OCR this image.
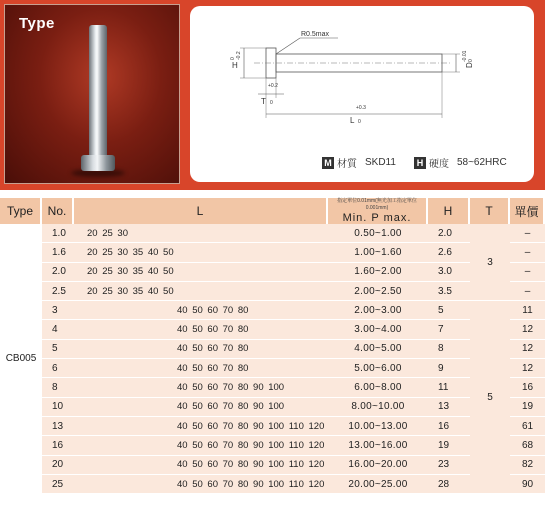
Type
R0.5max
H
0 -0.2
T
+0.2
0
L
+0.3
0
D
-0.01 0
M 材質 SKD11	H 硬度 58~62HRC
Type	No.	L	指定單位0.01mm(無光加工指定單位0.001mm)
Min. P max.	H	T	單價
CB005	1.0	20 25 30	0.50~1.00	2.0	3	–
	1.6	20 25 30 35 40 50	1.00~1.60	2.6		–
	2.0	20 25 30 35 40 50	1.60~2.00	3.0		–
	2.5	20 25 30 35 40 50	2.00~2.50	3.5		–
	3	40 50 60 70 80	2.00~3.00	5	5	11
	4	40 50 60 70 80	3.00~4.00	7		12
	5	40 50 60 70 80	4.00~5.00	8		12
	6	40 50 60 70 80	5.00~6.00	9		12
	8	40 50 60 70 80 90 100	6.00~8.00	11		16
	10	40 50 60 70 80 90 100	8.00~10.00	13		19
	13	40 50 60 70 80 90 100 110 120	10.00~13.00	16		61
	16	40 50 60 70 80 90 100 110 120	13.00~16.00	19		68
	20	40 50 60 70 80 90 100 110 120	16.00~20.00	23		82
	25	40 50 60 70 80 90 100 110 120	20.00~25.00	28		90
